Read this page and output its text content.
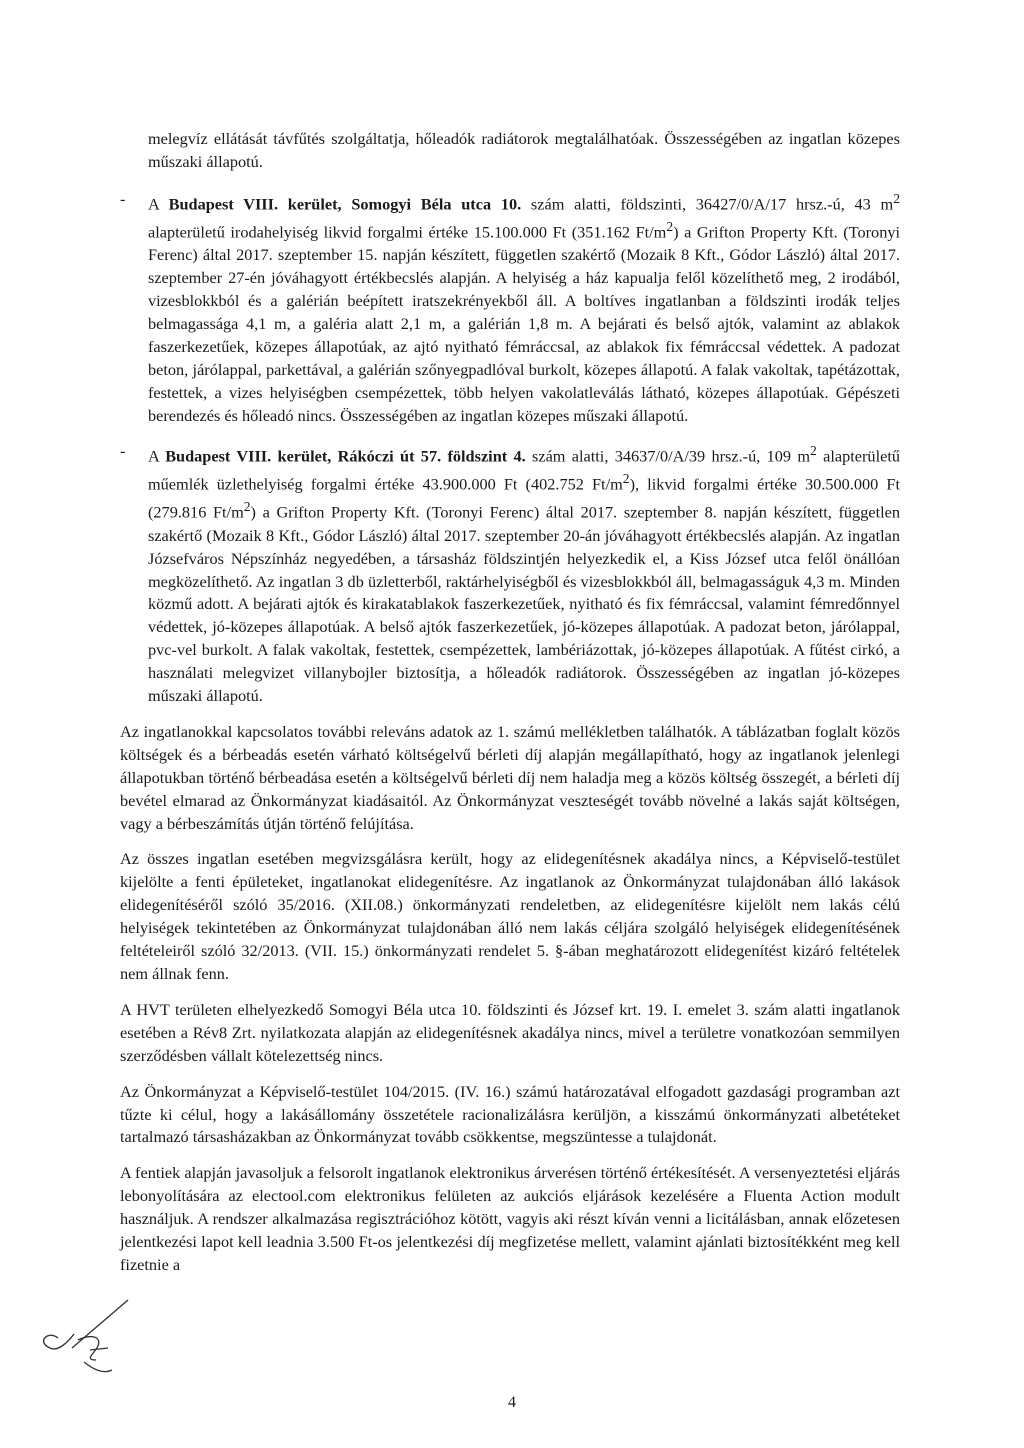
melegvíz ellátását távfűtés szolgáltatja, hőleadók radiátorok megtalálhatóak. Összességében az ingatlan közepes műszaki állapotú.

- A Budapest VIII. kerület, Somogyi Béla utca 10. szám alatti, földszinti, 36427/0/A/17 hrsz.-ú, 43 $m^2$ alapterületű irodahelyiség likvid forgalmi értéke 15.100.000 Ft (351.162 $Ft/m^2$) a Grifton Property Kft. (Toronyi Ferenc) által 2017. szeptember 15. napján készített, független szakértő (Mozaik 8 Kft., Gódor László) által 2017. szeptember 27-én jóváhagyott értékbecslés alapján. A helyiség a ház kapualja felől közelíthető meg, 2 irodából, vizesblokkból és a galérián beépített iratszekrényekből áll. A boltíves ingatlanban a földszinti irodák teljes belmagassága 4,1 m, a galéria alatt 2,1 m, a galérián 1,8 m. A bejárati és belső ajtók, valamint az ablakok faszerkezetűek, közepes állapotúak, az ajtó nyitható fémráccsal, az ablakok fix fémráccsal védettek. A padozat beton, járólappal, parkettával, a galérián szőnyegpadlóval burkolt, közepes állapotú. A falak vakoltak, tapétázottak, festettek, a vizes helyiségben csempézettek, több helyen vakolatleválás látható, közepes állapotúak. Gépészeti berendezés és hőleadó nincs. Összességében az ingatlan közepes műszaki állapotú.

- A Budapest VIII. kerület, Rákóczi út 57. földszint 4. szám alatti, 34637/0/A/39 hrsz.-ú, 109 $m^2$ alapterületű műemlék üzlethelyiség forgalmi értéke 43.900.000 Ft (402.752 $Ft/m^2$), likvid forgalmi értéke 30.500.000 Ft (279.816 $Ft/m^2$) a Grifton Property Kft. (Toronyi Ferenc) által 2017. szeptember 8. napján készített, független szakértő (Mozaik 8 Kft., Gódor László) által 2017. szeptember 20-án jóváhagyott értékbecslés alapján. Az ingatlan Józsefváros Népszínház negyedében, a társasház földszintjén helyezkedik el, a Kiss József utca felől önállóan megközelíthető. Az ingatlan 3 db üzletterből, raktárhelyiségből és vizesblokkból áll, belmagasságuk 4,3 m. Minden közmű adott. A bejárati ajtók és kirakatablakok faszerkezetűek, nyitható és fix fémráccsal, valamint fémredőnnyel védettek, jó-közepes állapotúak. A belső ajtók faszerkezetűek, jó-közepes állapotúak. A padozat beton, járólappal, pvc-vel burkolt. A falak vakoltak, festettek, csempézettek, lambériázottak, jó-közepes állapotúak. A fűtést cirkó, a használati melegvizet villanybojler biztosítja, a hőleadók radiátorok. Összességében az ingatlan jó-közepes műszaki állapotú.

Az ingatlanokkal kapcsolatos további releváns adatok az 1. számú mellékletben találhatók. A táblázatban foglalt közös költségek és a bérbeadás esetén várható költségelvű bérleti díj alapján megállapítható, hogy az ingatlanok jelenlegi állapotukban történő bérbeadása esetén a költségelvű bérleti díj nem haladja meg a közös költség összegét, a bérleti díj bevétel elmarad az Önkormányzat kiadásaitól. Az Önkormányzat veszteségét tovább növelné a lakás saját költségen, vagy a bérbeszámítás útján történő felújítása.

Az összes ingatlan esetében megvizsgálásra került, hogy az elidegenítésnek akadálya nincs, a Képviselő-testület kijelölte a fenti épületeket, ingatlanokat elidegenítésre. Az ingatlanok az Önkormányzat tulajdonában álló lakások elidegenítéséről szóló 35/2016. (XII.08.) önkormányzati rendeletben, az elidegenítésre kijelölt nem lakás célú helyiségek tekintetében az Önkormányzat tulajdonában álló nem lakás céljára szolgáló helyiségek elidegenítésének feltételeiről szóló 32/2013. (VII. 15.) önkormányzati rendelet 5. §-ában meghatározott elidegenítést kizáró feltételek nem állnak fenn.

A HVT területen elhelyezkedő Somogyi Béla utca 10. földszinti és József krt. 19. I. emelet 3. szám alatti ingatlanok esetében a Rév8 Zrt. nyilatkozata alapján az elidegenítésnek akadálya nincs, mivel a területre vonatkozóan semmilyen szerződésben vállalt kötelezettség nincs.

Az Önkormányzat a Képviselő-testület 104/2015. (IV. 16.) számú határozatával elfogadott gazdasági programban azt tűzte ki célul, hogy a lakásállomány összetétele racionalizálásra kerüljön, a kisszámú önkormányzati albetéteket tartalmazó társasházakban az Önkormányzat tovább csökkentse, megszüntesse a tulajdonát.

A fentiek alapján javasoljuk a felsorolt ingatlanok elektronikus árverésen történő értékesítését. A versenyeztetési eljárás lebonyolítására az electool.com elektronikus felületen az aukciós eljárások kezelésére a Fluenta Action modult használjuk. A rendszer alkalmazása regisztrációhoz kötött, vagyis aki részt kíván venni a licitálásban, annak előzetesen jelentkezési lapot kell leadnia 3.500 Ft-os jelentkezési díj megfizetése mellett, valamint ajánlati biztosítékként meg kell fizetnie a

4
